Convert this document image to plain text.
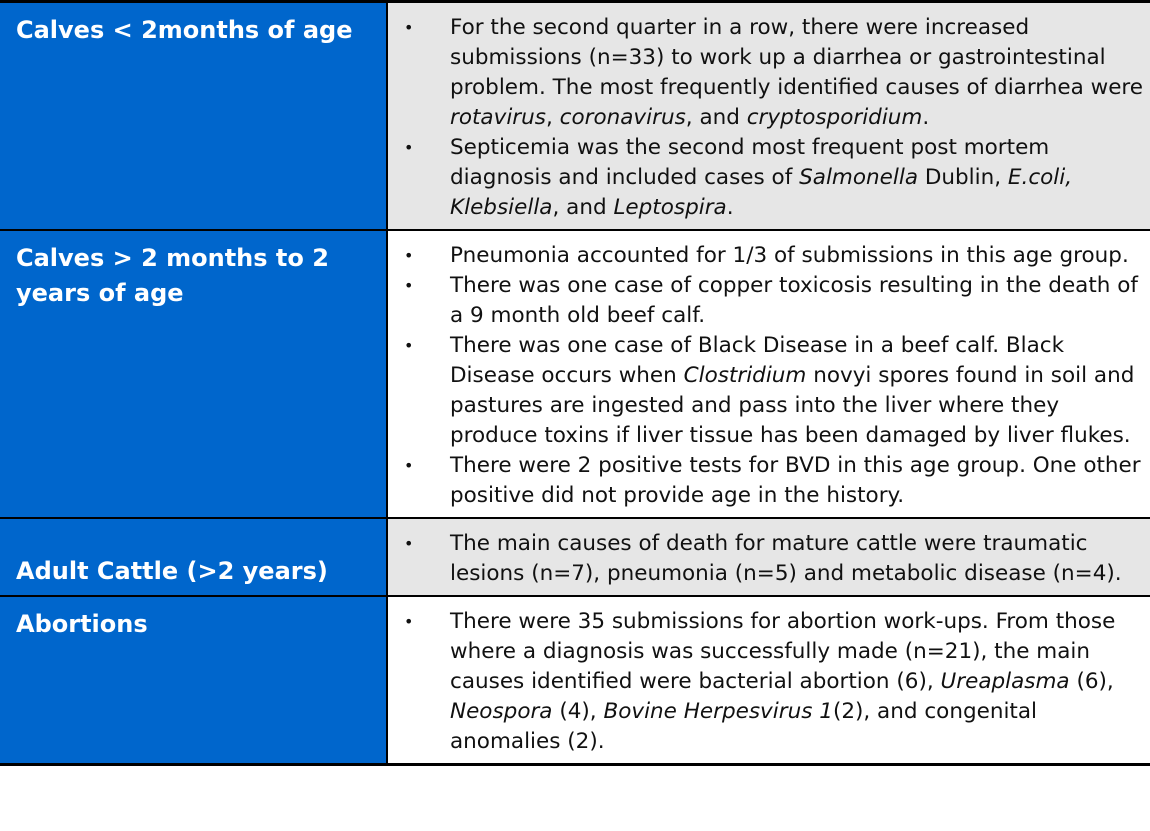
Calves < 2months of age	• For the second quarter in a row, there were increased submissions (n=33) to work up a diarrhea or gastrointestinal problem. The most frequently identified causes of diarrhea were rotavirus, coronavirus, and cryptosporidium.
• Septicemia was the second most frequent post mortem diagnosis and included cases of Salmonella Dublin, E.coli, Klebsiella, and Leptospira.
Calves > 2 months to 2 years of age
• Pneumonia accounted for 1/3 of submissions in this age group.
• There was one case of copper toxicosis resulting in the death of a 9 month old beef calf.
• There was one case of Black Disease in a beef calf. Black Disease occurs when Clostridium novyi spores found in soil and pastures are ingested and pass into the liver where they produce toxins if liver tissue has been damaged by liver flukes.
• There were 2 positive tests for BVD in this age group. One other positive did not provide age in the history.
Adult Cattle (>2 years)
• The main causes of death for mature cattle were traumatic lesions (n=7), pneumonia (n=5) and metabolic disease (n=4).
Abortions	• There were 35 submissions for abortion work-ups. From those where a diagnosis was successfully made (n=21), the main causes identified were bacterial abortion (6), Ureaplasma (6), Neospora (4), Bovine Herpesvirus 1(2), and congenital anomalies (2).
